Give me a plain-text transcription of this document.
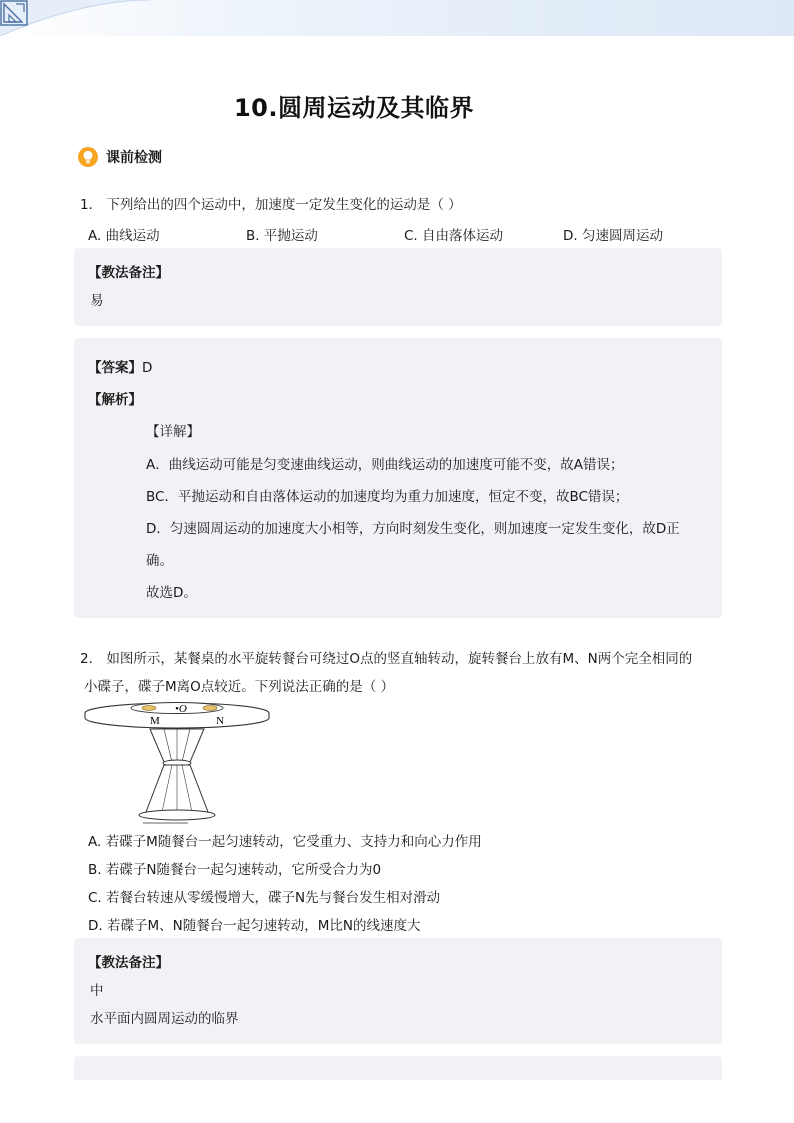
10.圆周运动及其临界
课前检测
1． 下列给出的四个运动中，加速度一定发生变化的运动是（ ）
A. 曲线运动	B. 平抛运动	C. 自由落体运动	D. 匀速圆周运动
【教法备注】
易
【答案】D
【解析】
【详解】
A．曲线运动可能是匀变速曲线运动，则曲线运动的加速度可能不变，故A错误；
BC．平抛运动和自由落体运动的加速度均为重力加速度，恒定不变，故BC错误；
D．匀速圆周运动的加速度大小相等，方向时刻发生变化，则加速度一定发生变化，故D正
确。
故选D。
2． 如图所示，某餐桌的水平旋转餐台可绕过O点的竖直轴转动，旋转餐台上放有M、N两个完全相同的
小碟子，碟子M离O点较近。下列说法正确的是（ ）
•O
M	N
A. 若碟子M随餐台一起匀速转动，它受重力、支持力和向心力作用
B. 若碟子N随餐台一起匀速转动，它所受合力为0
C. 若餐台转速从零缓慢增大，碟子N先与餐台发生相对滑动
D. 若碟子M、N随餐台一起匀速转动，M比N的线速度大
【教法备注】
中
水平面内圆周运动的临界
